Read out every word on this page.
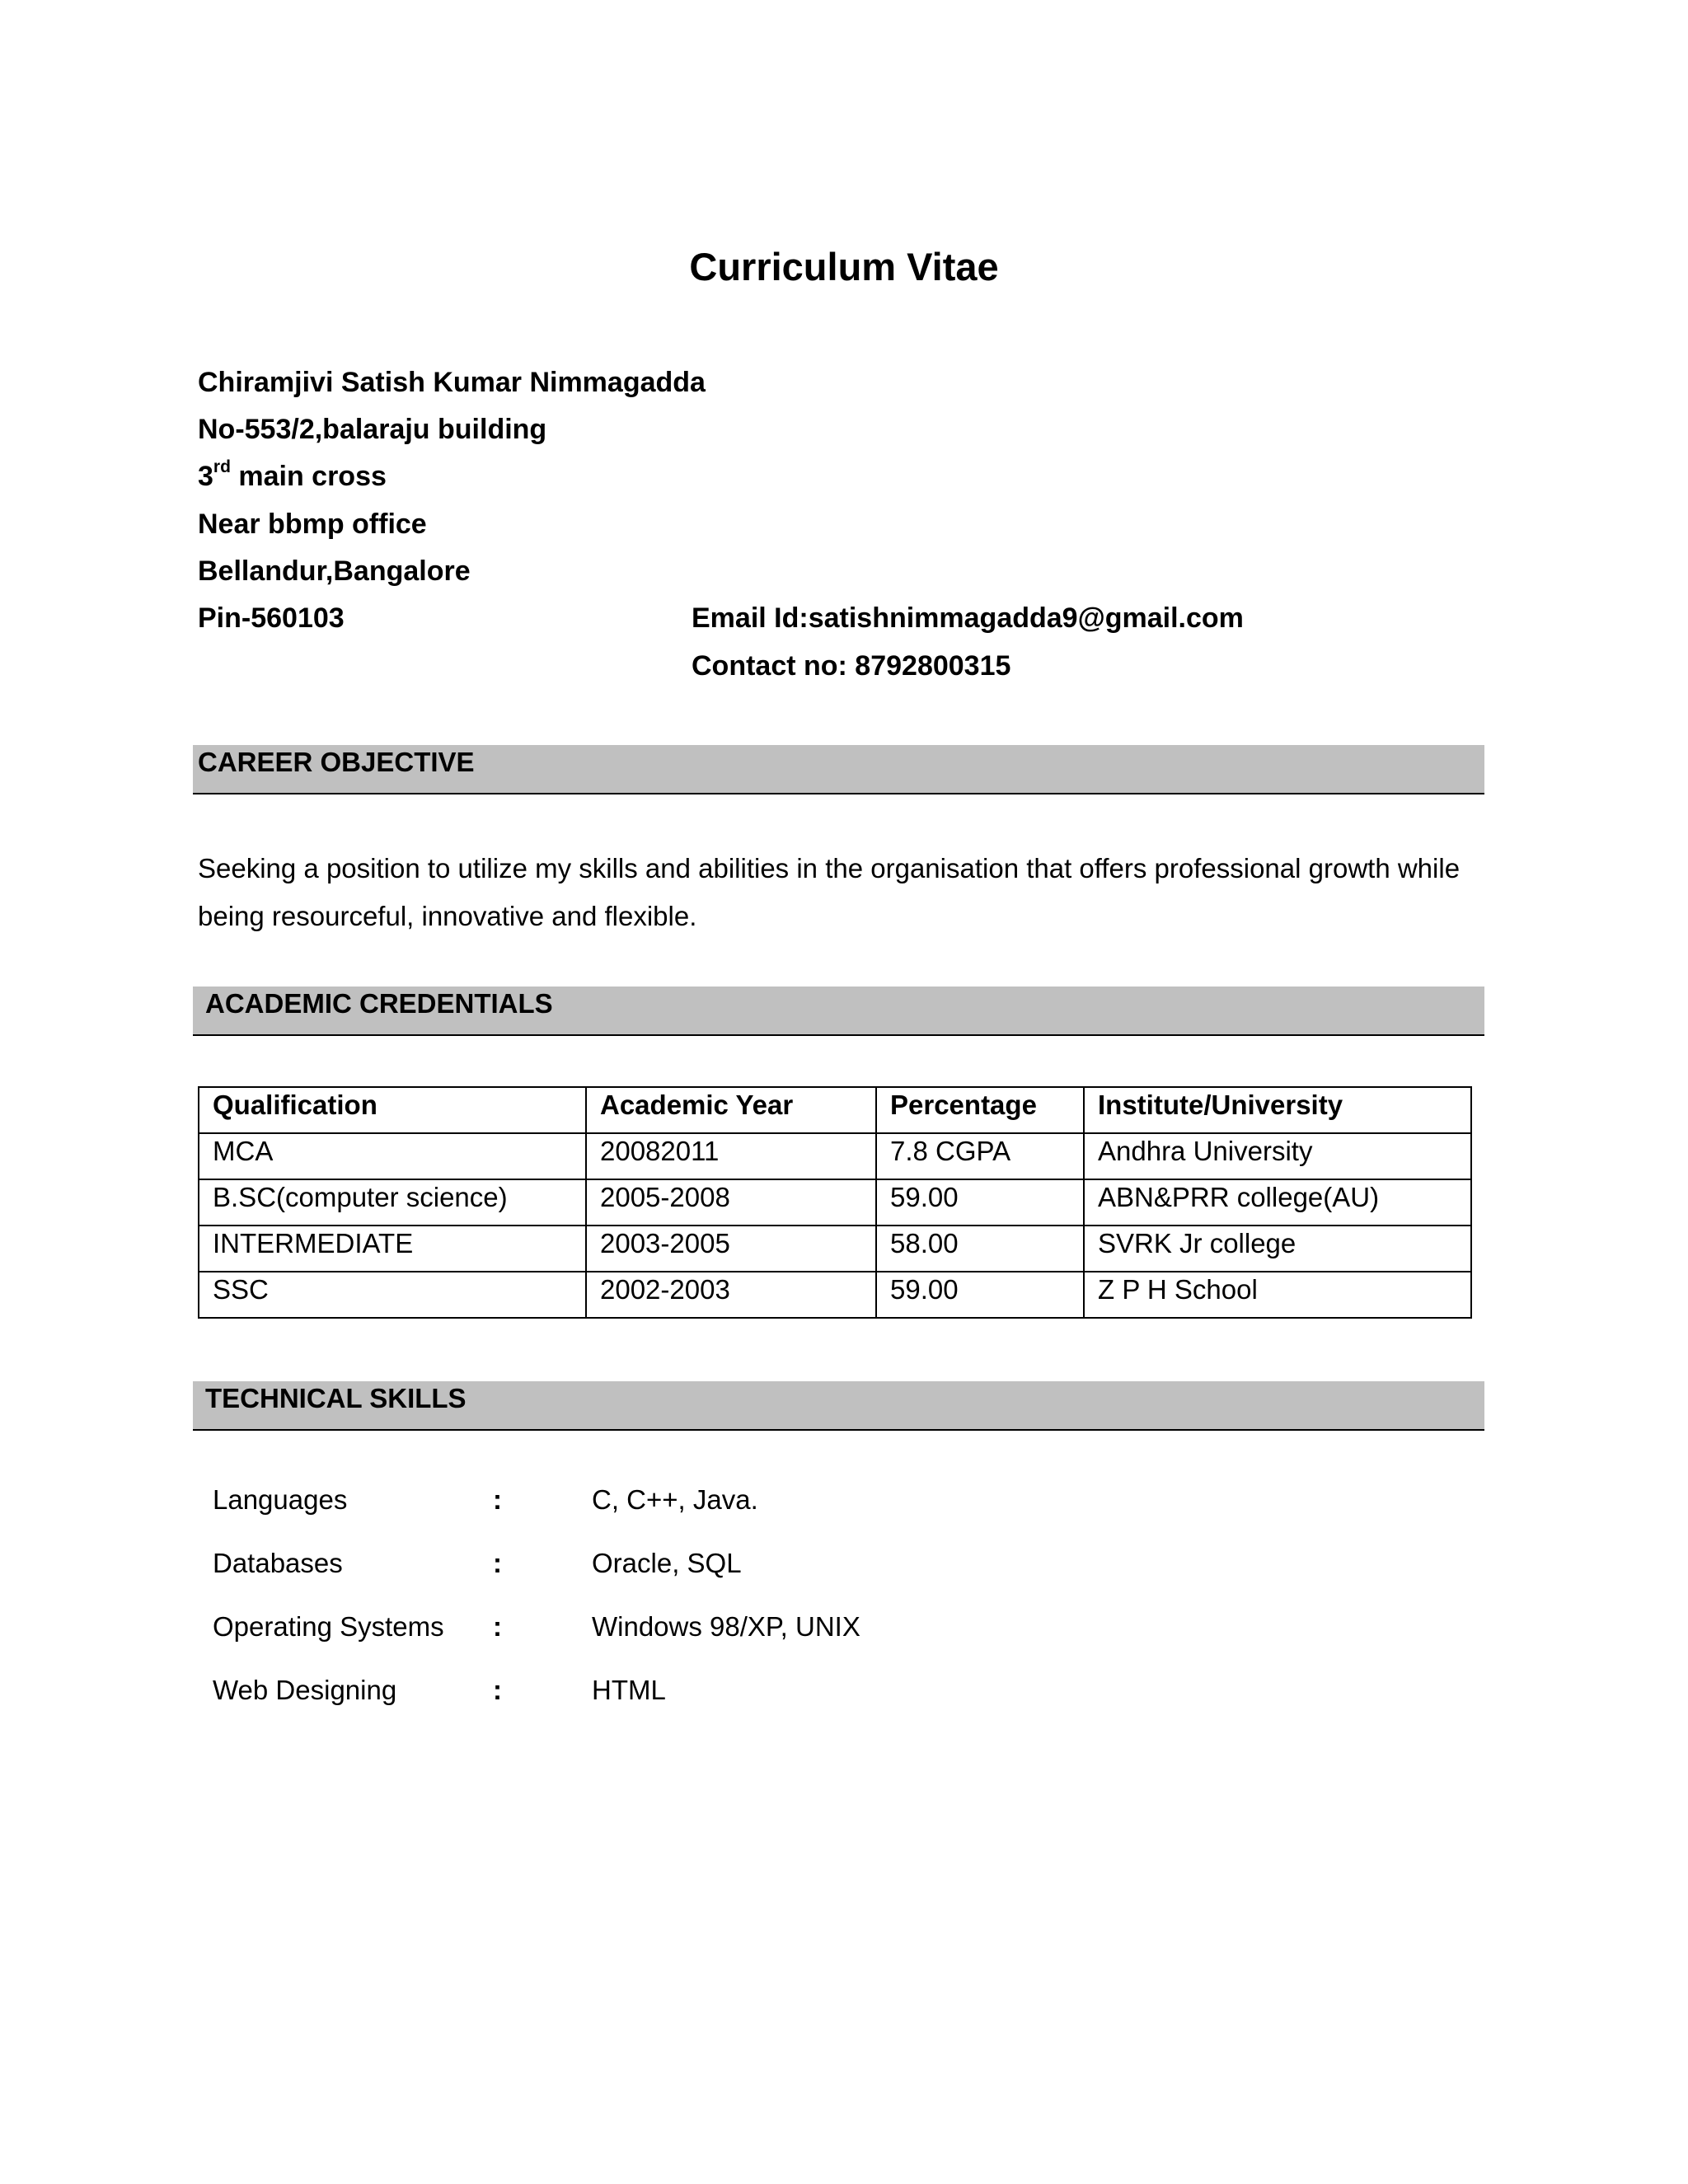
Curriculum Vitae
Chiramjivi Satish Kumar Nimmagadda
No-553/2,balaraju building
3rd main cross
Near bbmp office
Bellandur,Bangalore
Pin-560103	Email Id:satishnimmagadda9@gmail.com
Contact no: 8792800315
CAREER OBJECTIVE
Seeking a position to utilize my skills and abilities in the organisation that offers professional growth while being resourceful, innovative and flexible.
ACADEMIC CREDENTIALS
Qualification	Academic Year	Percentage	Institute/University
MCA	20082011	7.8 CGPA	Andhra University
B.SC(computer science)	2005-2008	59.00	ABN&PRR college(AU)
INTERMEDIATE	2003-2005	58.00	SVRK Jr college
SSC	2002-2003	59.00	Z P H School
TECHNICAL SKILLS
Languages	:	C, C++, Java.
Databases	:	Oracle, SQL
Operating Systems :	Windows 98/XP, UNIX
Web Designing	:	HTML
